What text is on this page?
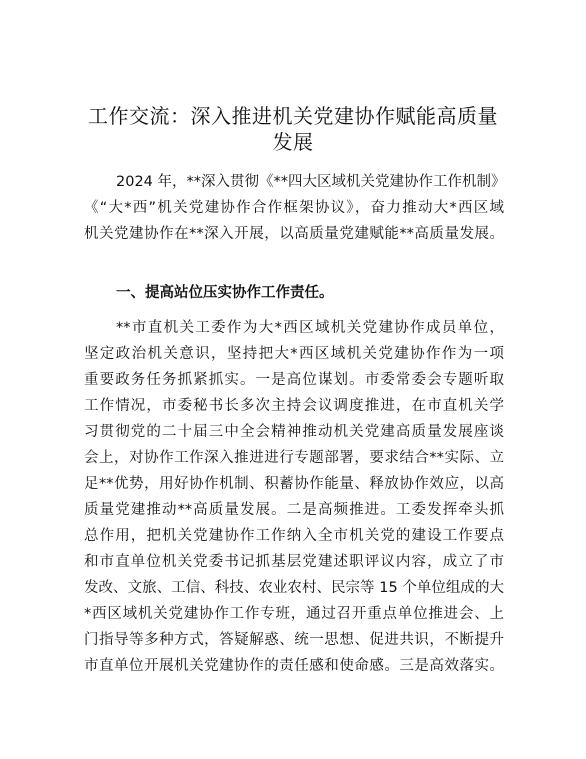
工作交流：深入推进机关党建协作赋能高质量
发展
2024 年，**深入贯彻《**四大区域机关党建协作工作机制》
《“大*西”机关党建协作合作框架协议》，奋力推动大*西区域
机关党建协作在**深入开展，以高质量党建赋能**高质量发展。
一、提高站位压实协作工作责任。
**市直机关工委作为大*西区域机关党建协作成员单位，
坚定政治机关意识，坚持把大*西区域机关党建协作作为一项
重要政务任务抓紧抓实。一是高位谋划。市委常委会专题听取
工作情况，市委秘书长多次主持会议调度推进，在市直机关学
习贯彻党的二十届三中全会精神推动机关党建高质量发展座谈
会上，对协作工作深入推进进行专题部署，要求结合**实际、立
足**优势，用好协作机制、积蓄协作能量、释放协作效应，以高
质量党建推动**高质量发展。二是高频推进。工委发挥牵头抓
总作用，把机关党建协作工作纳入全市机关党的建设工作要点
和市直单位机关党委书记抓基层党建述职评议内容，成立了市
发改、文旅、工信、科技、农业农村、民宗等 15 个单位组成的大
*西区域机关党建协作工作专班，通过召开重点单位推进会、上
门指导等多种方式，答疑解惑、统一思想、促进共识，不断提升
市直单位开展机关党建协作的责任感和使命感。三是高效落实。
